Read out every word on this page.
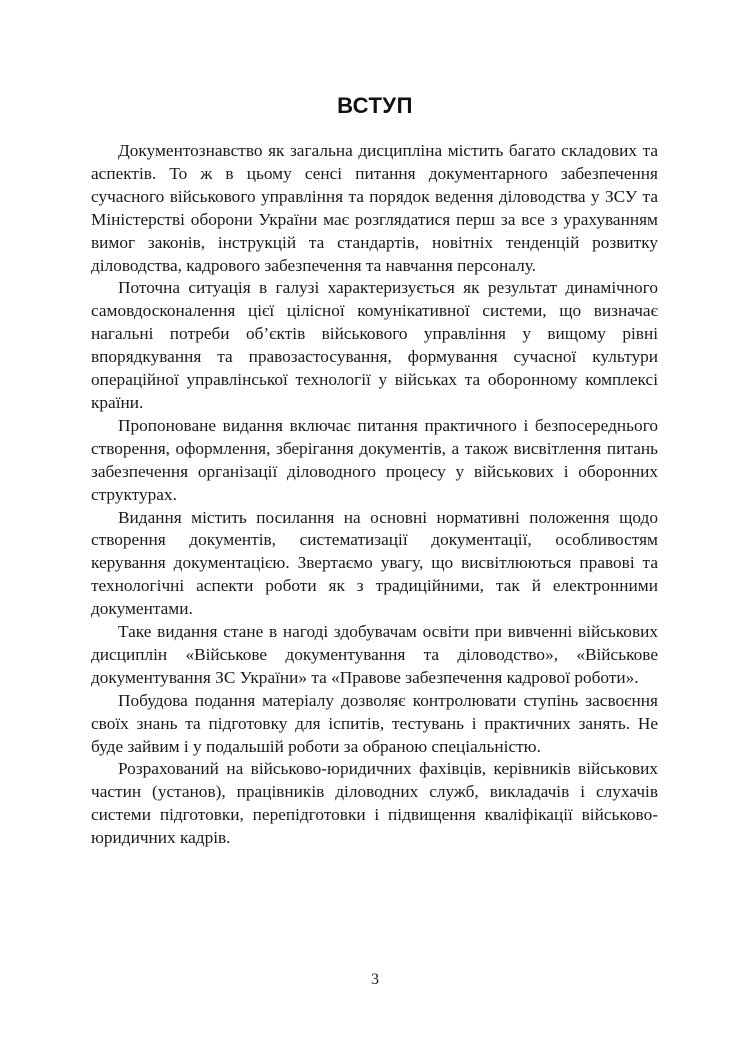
ВСТУП

Документознавство як загальна дисципліна містить багато складових та аспектів. То ж в цьому сенсі питання документарного забезпечення сучасного військового управління та порядок ведення діловодства у ЗСУ та Міністерстві оборони України має розглядатися перш за все з урахуванням вимог законів, інструкцій та стандартів, новітніх тенденцій розвитку діловодства, кадрового забезпечення та навчання персоналу.

Поточна ситуація в галузі характеризується як результат динамічного самовдосконалення цієї цілісної комунікативної системи, що визначає нагальні потреби об’єктів військового управління у вищому рівні впорядкування та правозастосування, формування сучасної культури операційної управлінської технології у військах та оборонному комплексі країни.

Пропоноване видання включає питання практичного і безпосереднього створення, оформлення, зберігання документів, а також висвітлення питань забезпечення організації діловодного процесу у військових і оборонних структурах.

Видання містить посилання на основні нормативні положення щодо створення документів, систематизації документації, особливостям керування документацією. Звертаємо увагу, що висвітлюються правові та технологічні аспекти роботи як з традиційними, так й електронними документами.

Таке видання стане в нагоді здобувачам освіти при вивченні військових дисциплін «Військове документування та діловодство», «Військове документування ЗС України» та «Правове забезпечення кадрової роботи».

Побудова подання матеріалу дозволяє контролювати ступінь засвоєння своїх знань та підготовку для іспитів, тестувань і практичних занять. Не буде зайвим і у подальшій роботи за обраною спеціальністю.

Розрахований на військово-юридичних фахівців, керівників військових частин (установ), працівників діловодних служб, викладачів і слухачів системи підготовки, перепідготовки і підвищення кваліфікації військово-юридичних кадрів.

3
